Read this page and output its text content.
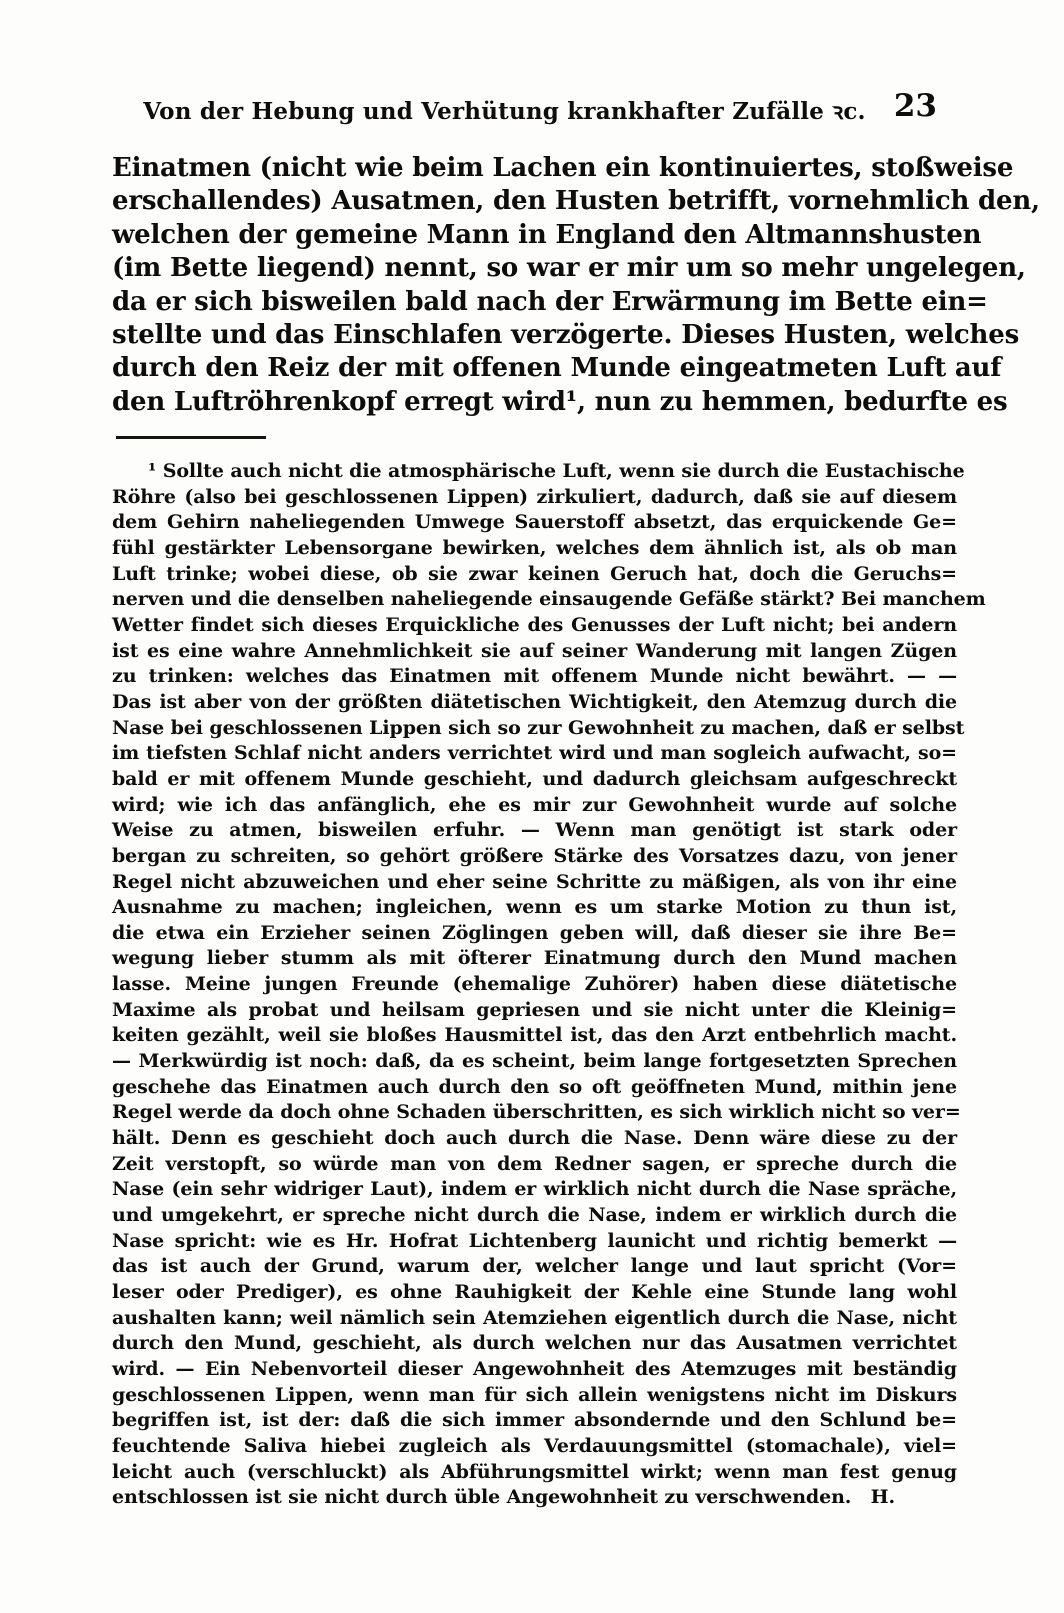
Von der Hebung und Verhütung krankhafter Zufälle ꝛc. 23
Einatmen (nicht wie beim Lachen ein kontinuiertes, stoßweise
erschallendes) Ausatmen, den Husten betrifft, vornehmlich den,
welchen der gemeine Mann in England den Altmannshusten
(im Bette liegend) nennt, so war er mir um so mehr ungelegen,
da er sich bisweilen bald nach der Erwärmung im Bette ein=
stellte und das Einschlafen verzögerte. Dieses Husten, welches
durch den Reiz der mit offenen Munde eingeatmeten Luft auf
den Luftröhrenkopf erregt wird¹, nun zu hemmen, bedurfte es
¹ Sollte auch nicht die atmosphärische Luft, wenn sie durch die Eustachische
Röhre (also bei geschlossenen Lippen) zirkuliert, dadurch, daß sie auf diesem
dem Gehirn naheliegenden Umwege Sauerstoff absetzt, das erquickende Ge=
fühl gestärkter Lebensorgane bewirken, welches dem ähnlich ist, als ob man
Luft trinke; wobei diese, ob sie zwar keinen Geruch hat, doch die Geruchs=
nerven und die denselben naheliegende einsaugende Gefäße stärkt? Bei manchem
Wetter findet sich dieses Erquickliche des Genusses der Luft nicht; bei andern
ist es eine wahre Annehmlichkeit sie auf seiner Wanderung mit langen Zügen
zu trinken: welches das Einatmen mit offenem Munde nicht bewährt. — —
Das ist aber von der größten diätetischen Wichtigkeit, den Atemzug durch die
Nase bei geschlossenen Lippen sich so zur Gewohnheit zu machen, daß er selbst
im tiefsten Schlaf nicht anders verrichtet wird und man sogleich aufwacht, so=
bald er mit offenem Munde geschieht, und dadurch gleichsam aufgeschreckt
wird; wie ich das anfänglich, ehe es mir zur Gewohnheit wurde auf solche
Weise zu atmen, bisweilen erfuhr. — Wenn man genötigt ist stark oder
bergan zu schreiten, so gehört größere Stärke des Vorsatzes dazu, von jener
Regel nicht abzuweichen und eher seine Schritte zu mäßigen, als von ihr eine
Ausnahme zu machen; ingleichen, wenn es um starke Motion zu thun ist,
die etwa ein Erzieher seinen Zöglingen geben will, daß dieser sie ihre Be=
wegung lieber stumm als mit öfterer Einatmung durch den Mund machen
lasse. Meine jungen Freunde (ehemalige Zuhörer) haben diese diätetische
Maxime als probat und heilsam gepriesen und sie nicht unter die Kleinig=
keiten gezählt, weil sie bloßes Hausmittel ist, das den Arzt entbehrlich macht.
— Merkwürdig ist noch: daß, da es scheint, beim lange fortgesetzten Sprechen
geschehe das Einatmen auch durch den so oft geöffneten Mund, mithin jene
Regel werde da doch ohne Schaden überschritten, es sich wirklich nicht so ver=
hält. Denn es geschieht doch auch durch die Nase. Denn wäre diese zu der
Zeit verstopft, so würde man von dem Redner sagen, er spreche durch die
Nase (ein sehr widriger Laut), indem er wirklich nicht durch die Nase spräche,
und umgekehrt, er spreche nicht durch die Nase, indem er wirklich durch die
Nase spricht: wie es Hr. Hofrat Lichtenberg launicht und richtig bemerkt —
das ist auch der Grund, warum der, welcher lange und laut spricht (Vor=
leser oder Prediger), es ohne Rauhigkeit der Kehle eine Stunde lang wohl
aushalten kann; weil nämlich sein Atemziehen eigentlich durch die Nase, nicht
durch den Mund, geschieht, als durch welchen nur das Ausatmen verrichtet
wird. — Ein Nebenvorteil dieser Angewohnheit des Atemzuges mit beständig
geschlossenen Lippen, wenn man für sich allein wenigstens nicht im Diskurs
begriffen ist, ist der: daß die sich immer absondernde und den Schlund be=
feuchtende Saliva hiebei zugleich als Verdauungsmittel (stomachale), viel=
leicht auch (verschluckt) als Abführungsmittel wirkt; wenn man fest genug
entschlossen ist sie nicht durch üble Angewohnheit zu verschwenden. H.
